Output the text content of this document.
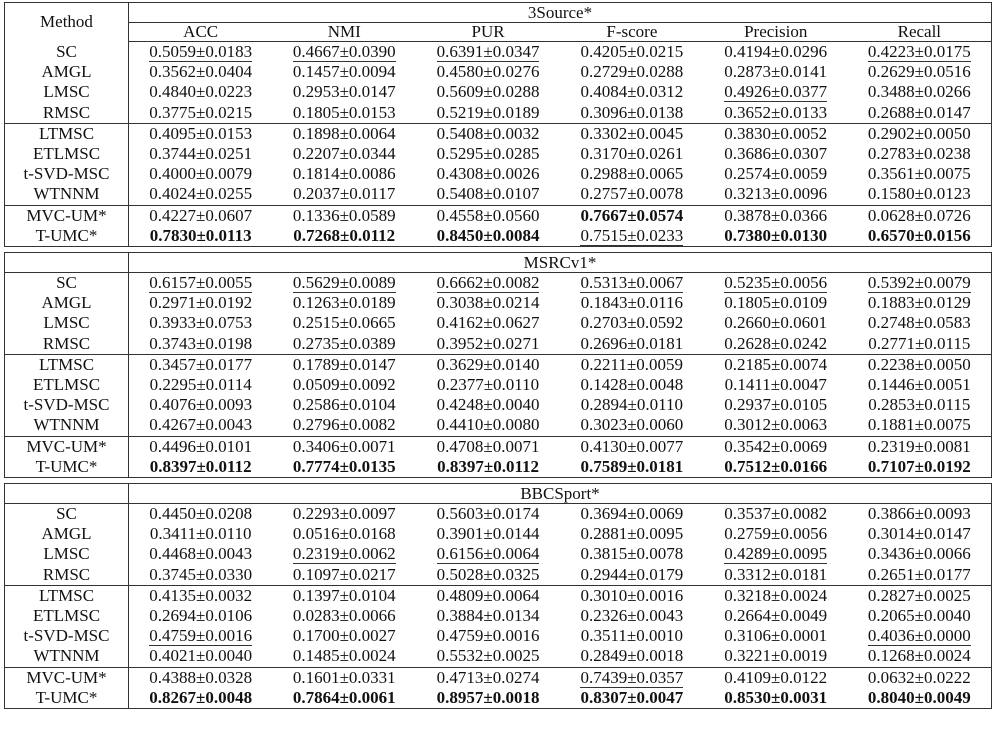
Method	3Source*					
	ACC	NMI	PUR	F-score	Precision	Recall
SC	0.5059±0.0183	0.4667±0.0390	0.6391±0.0347	0.4205±0.0215	0.4194±0.0296	0.4223±0.0175
AMGL	0.3562±0.0404	0.1457±0.0094	0.4580±0.0276	0.2729±0.0288	0.2873±0.0141	0.2629±0.0516
LMSC	0.4840±0.0223	0.2953±0.0147	0.5609±0.0288	0.4084±0.0312	0.4926±0.0377	0.3488±0.0266
RMSC	0.3775±0.0215	0.1805±0.0153	0.5219±0.0189	0.3096±0.0138	0.3652±0.0133	0.2688±0.0147
LTMSC	0.4095±0.0153	0.1898±0.0064	0.5408±0.0032	0.3302±0.0045	0.3830±0.0052	0.2902±0.0050
ETLMSC	0.3744±0.0251	0.2207±0.0344	0.5295±0.0285	0.3170±0.0261	0.3686±0.0307	0.2783±0.0238
t-SVD-MSC	0.4000±0.0079	0.1814±0.0086	0.4308±0.0026	0.2988±0.0065	0.2574±0.0059	0.3561±0.0075
WTNNM	0.4024±0.0255	0.2037±0.0117	0.5408±0.0107	0.2757±0.0078	0.3213±0.0096	0.1580±0.0123
MVC-UM*	0.4227±0.0607	0.1336±0.0589	0.4558±0.0560	0.7667±0.0574	0.3878±0.0366	0.0628±0.0726
T-UMC*	0.7830±0.0113	0.7268±0.0112	0.8450±0.0084	0.7515±0.0233	0.7380±0.0130	0.6570±0.0156
	MSRCv1*					

SC	0.6157±0.0055	0.5629±0.0089	0.6662±0.0082	0.5313±0.0067	0.5235±0.0056	0.5392±0.0079
AMGL	0.2971±0.0192	0.1263±0.0189	0.3038±0.0214	0.1843±0.0116	0.1805±0.0109	0.1883±0.0129
LMSC	0.3933±0.0753	0.2515±0.0665	0.4162±0.0627	0.2703±0.0592	0.2660±0.0601	0.2748±0.0583
RMSC	0.3743±0.0198	0.2735±0.0389	0.3952±0.0271	0.2696±0.0181	0.2628±0.0242	0.2771±0.0115
LTMSC	0.3457±0.0177	0.1789±0.0147	0.3629±0.0140	0.2211±0.0059	0.2185±0.0074	0.2238±0.0050
ETLMSC	0.2295±0.0114	0.0509±0.0092	0.2377±0.0110	0.1428±0.0048	0.1411±0.0047	0.1446±0.0051
t-SVD-MSC	0.4076±0.0093	0.2586±0.0104	0.4248±0.0040	0.2894±0.0110	0.2937±0.0105	0.2853±0.0115
WTNNM	0.4267±0.0043	0.2796±0.0082	0.4410±0.0080	0.3023±0.0060	0.3012±0.0063	0.1881±0.0075
MVC-UM*	0.4496±0.0101	0.3406±0.0071	0.4708±0.0071	0.4130±0.0077	0.3542±0.0069	0.2319±0.0081
T-UMC*	0.8397±0.0112	0.7774±0.0135	0.8397±0.0112	0.7589±0.0181	0.7512±0.0166	0.7107±0.0192
	BBCSport*					

SC	0.4450±0.0208	0.2293±0.0097	0.5603±0.0174	0.3694±0.0069	0.3537±0.0082	0.3866±0.0093
AMGL	0.3411±0.0110	0.0516±0.0168	0.3901±0.0144	0.2881±0.0095	0.2759±0.0056	0.3014±0.0147
LMSC	0.4468±0.0043	0.2319±0.0062	0.6156±0.0064	0.3815±0.0078	0.4289±0.0095	0.3436±0.0066
RMSC	0.3745±0.0330	0.1097±0.0217	0.5028±0.0325	0.2944±0.0179	0.3312±0.0181	0.2651±0.0177
LTMSC	0.4135±0.0032	0.1397±0.0104	0.4809±0.0064	0.3010±0.0016	0.3218±0.0024	0.2827±0.0025
ETLMSC	0.2694±0.0106	0.0283±0.0066	0.3884±0.0134	0.2326±0.0043	0.2664±0.0049	0.2065±0.0040
t-SVD-MSC	0.4759±0.0016	0.1700±0.0027	0.4759±0.0016	0.3511±0.0010	0.3106±0.0001	0.4036±0.0000
WTNNM	0.4021±0.0040	0.1485±0.0024	0.5532±0.0025	0.2849±0.0018	0.3221±0.0019	0.1268±0.0024
MVC-UM*	0.4388±0.0328	0.1601±0.0331	0.4713±0.0274	0.7439±0.0357	0.4109±0.0122	0.0632±0.0222
T-UMC*	0.8267±0.0048	0.7864±0.0061	0.8957±0.0018	0.8307±0.0047	0.8530±0.0031	0.8040±0.0049
